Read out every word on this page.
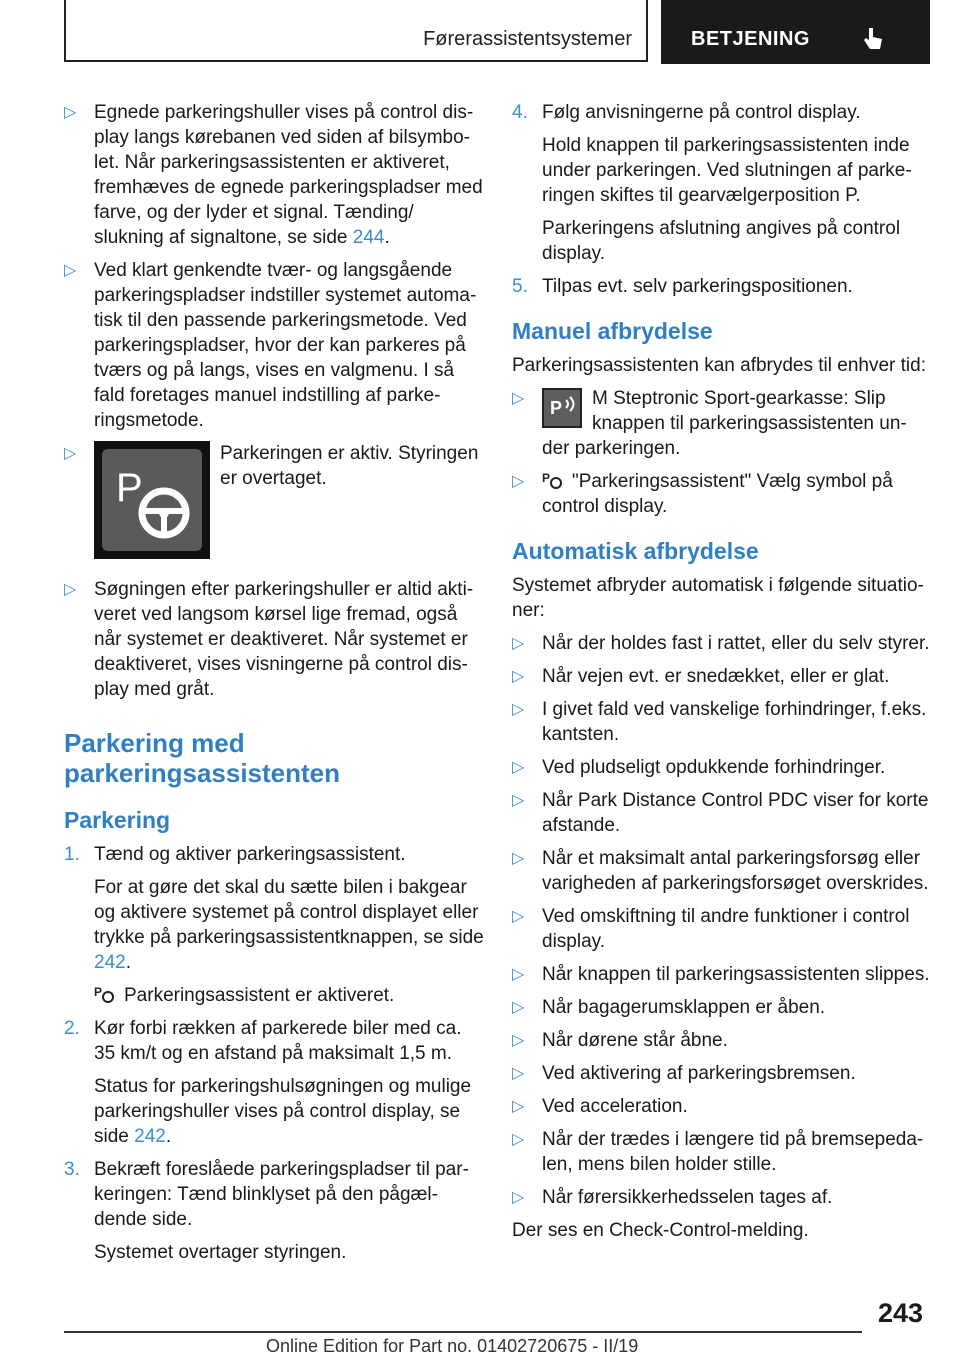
Førerassistentsystemer	BETJENING
▷ Egnede parkeringshuller vises på control dis-play langs kørebanen ved siden af bilsymbo-let. Når parkeringsassistenten er aktiveret, fremhæves de egnede parkeringspladser med farve, og der lyder et signal. Tænding/ slukning af signaltone, se side 244.
▷ Ved klart genkendte tvær- og langsgående parkeringspladser indstiller systemet automa-tisk til den passende parkeringsmetode. Ved parkeringspladser, hvor der kan parkeres på tværs og på langs, vises en valgmenu. I så fald foretages manuel indstilling af parke-ringsmetode.
▷
P
Parkeringen er aktiv. Styringen er overtaget.
▷ Søgningen efter parkeringshuller er altid akti-veret ved langsom kørsel lige fremad, også når systemet er deaktiveret. Når systemet er deaktiveret, vises visningerne på control dis-play med gråt.
Parkering med parkeringsassistenten
Parkering
1. Tænd og aktiver parkeringsassistent.
For at gøre det skal du sætte bilen i bakgear og aktivere systemet på control displayet eller trykke på parkeringsassistentknappen, se side 242.
P Parkeringsassistent er aktiveret.
2. Kør forbi rækken af parkerede biler med ca. 35 km/t og en afstand på maksimalt 1,5 m.
Status for parkeringshulsøgningen og mulige parkeringshuller vises på control display, se side 242.
3. Bekræft foreslåede parkeringspladser til par-keringen: Tænd blinklyset på den pågæl-dende side.
Systemet overtager styringen.
4. Følg anvisningerne på control display.
Hold knappen til parkeringsassistenten inde under parkeringen. Ved slutningen af parke-ringen skiftes til gearvælgerposition P.
Parkeringens afslutning angives på control display.
5. Tilpas evt. selv parkeringspositionen.
Manuel afbrydelse
Parkeringsassistenten kan afbrydes til enhver tid:
▷ P M Steptronic Sport-gearkasse: Slip knappen til parkeringsassistenten un-der parkeringen.
▷ P "Parkeringsassistent" Vælg symbol på control display.
Automatisk afbrydelse
Systemet afbryder automatisk i følgende situatio-ner:
▷ Når der holdes fast i rattet, eller du selv styrer.
▷ Når vejen evt. er snedækket, eller er glat.
▷ I givet fald ved vanskelige forhindringer, f.eks. kantsten.
▷ Ved pludseligt opdukkende forhindringer.
▷ Når Park Distance Control PDC viser for korte afstande.
▷ Når et maksimalt antal parkeringsforsøg eller varigheden af parkeringsforsøget overskrides.
▷ Ved omskiftning til andre funktioner i control display.
▷ Når knappen til parkeringsassistenten slippes.
▷ Når bagagerumsklappen er åben.
▷ Når dørene står åbne.
▷ Ved aktivering af parkeringsbremsen.
▷ Ved acceleration.
▷ Når der trædes i længere tid på bremsepeda-len, mens bilen holder stille.
▷ Når førersikkerhedsselen tages af.
Der ses en Check-Control-melding.
243
Online Edition for Part no. 01402720675 - II/19
